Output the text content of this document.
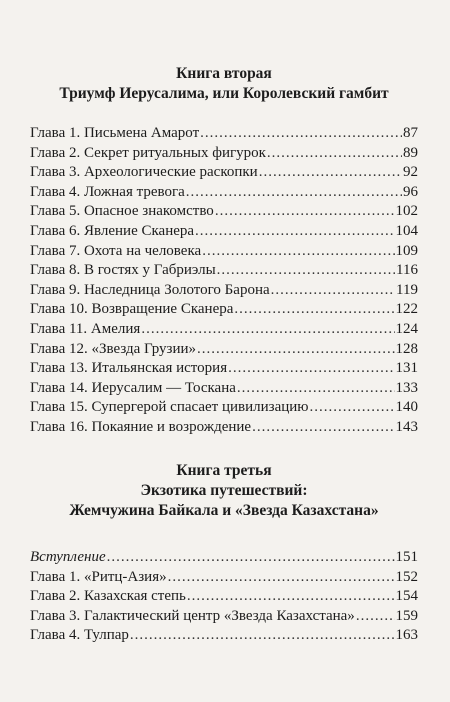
Книга вторая
Триумф Иерусалима, или Королевский гамбит
Глава 1. Письмена Амарот .....	87
Глава 2. Секрет ритуальных фигурок .....	89
Глава 3. Археологические раскопки .....	92
Глава 4. Ложная тревога .....	96
Глава 5. Опасное знакомство .....	102
Глава 6. Явление Сканера .....	104
Глава 7. Охота на человека .....	109
Глава 8. В гостях у Габриэлы .....	116
Глава 9. Наследница Золотого Барона .....	119
Глава 10. Возвращение Сканера .....	122
Глава 11. Амелия .....	124
Глава 12. «Звезда Грузии» .....	128
Глава 13. Итальянская история .....	131
Глава 14. Иерусалим — Тоскана .....	133
Глава 15. Супергерой спасает цивилизацию .....	140
Глава 16. Покаяние и возрождение .....	143
Книга третья
Экзотика путешествий:
Жемчужина Байкала и «Звезда Казахстана»
Вступление .....	151
Глава 1. «Ритц-Азия» .....	152
Глава 2. Казахская степь .....	154
Глава 3. Галактический центр «Звезда Казахстана» .....	159
Глава 4. Тулпар .....	163
